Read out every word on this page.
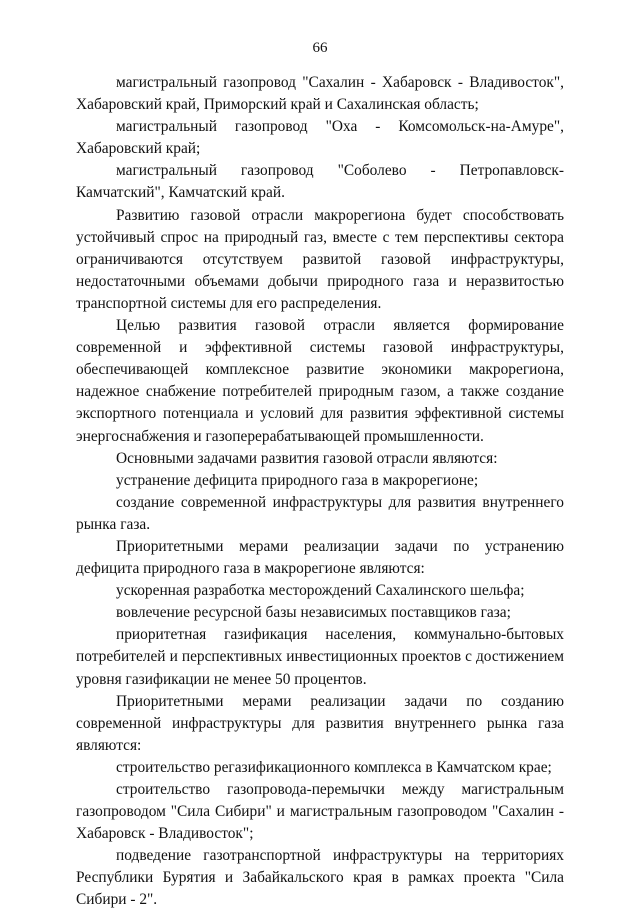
66

магистральный газопровод "Сахалин - Хабаровск - Владивосток", Хабаровский край, Приморский край и Сахалинская область;

магистральный газопровод "Оха - Комсомольск-на-Амуре", Хабаровский край;

магистральный газопровод "Соболево - Петропавловск-Камчатский", Камчатский край.

Развитию газовой отрасли макрорегиона будет способствовать устойчивый спрос на природный газ, вместе с тем перспективы сектора ограничиваются отсутствуем развитой газовой инфраструктуры, недостаточными объемами добычи природного газа и неразвитостью транспортной системы для его распределения.

Целью развития газовой отрасли является формирование современной и эффективной системы газовой инфраструктуры, обеспечивающей комплексное развитие экономики макрорегиона, надежное снабжение потребителей природным газом, а также создание экспортного потенциала и условий для развития эффективной системы энергоснабжения и газоперерабатывающей промышленности.

Основными задачами развития газовой отрасли являются:

устранение дефицита природного газа в макрорегионе;

создание современной инфраструктуры для развития внутреннего рынка газа.

Приоритетными мерами реализации задачи по устранению дефицита природного газа в макрорегионе являются:

ускоренная разработка месторождений Сахалинского шельфа;

вовлечение ресурсной базы независимых поставщиков газа;

приоритетная газификация населения, коммунально-бытовых потребителей и перспективных инвестиционных проектов с достижением уровня газификации не менее 50 процентов.

Приоритетными мерами реализации задачи по созданию современной инфраструктуры для развития внутреннего рынка газа являются:

строительство регазификационного комплекса в Камчатском крае;

строительство газопровода-перемычки между магистральным газопроводом "Сила Сибири" и магистральным газопроводом "Сахалин - Хабаровск - Владивосток";

подведение газотранспортной инфраструктуры на территориях Республики Бурятия и Забайкальского края в рамках проекта "Сила Сибири - 2".
